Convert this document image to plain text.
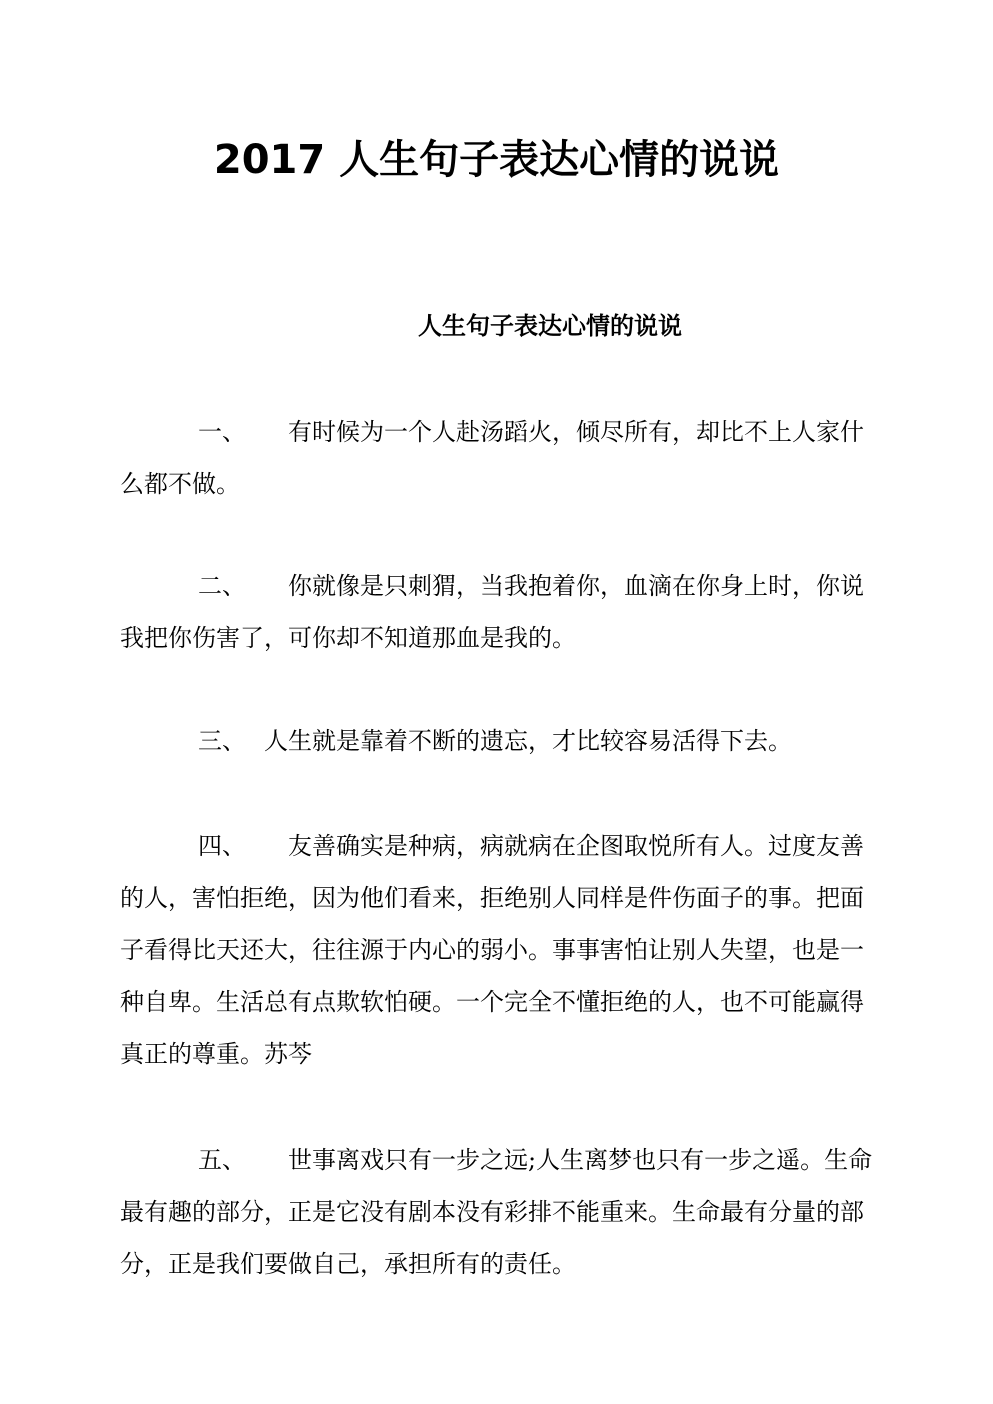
2017 人生句子表达心情的说说
人生句子表达心情的说说

一、 有时候为一个人赴汤蹈火，倾尽所有，却比不上人家什么都不做。

二、 你就像是只刺猬，当我抱着你，血滴在你身上时，你说我把你伤害了，可你却不知道那血是我的。

三、 人生就是靠着不断的遗忘，才比较容易活得下去。

四、 友善确实是种病，病就病在企图取悦所有人。过度友善的人，害怕拒绝，因为他们看来，拒绝别人同样是件伤面子的事。把面子看得比天还大，往往源于内心的弱小。事事害怕让别人失望，也是一种自卑。生活总有点欺软怕硬。一个完全不懂拒绝的人，也不可能赢得真正的尊重。苏芩

五、 世事离戏只有一步之远;人生离梦也只有一步之遥。生命最有趣的部分，正是它没有剧本没有彩排不能重来。生命最有分量的部分，正是我们要做自己，承担所有的责任。
